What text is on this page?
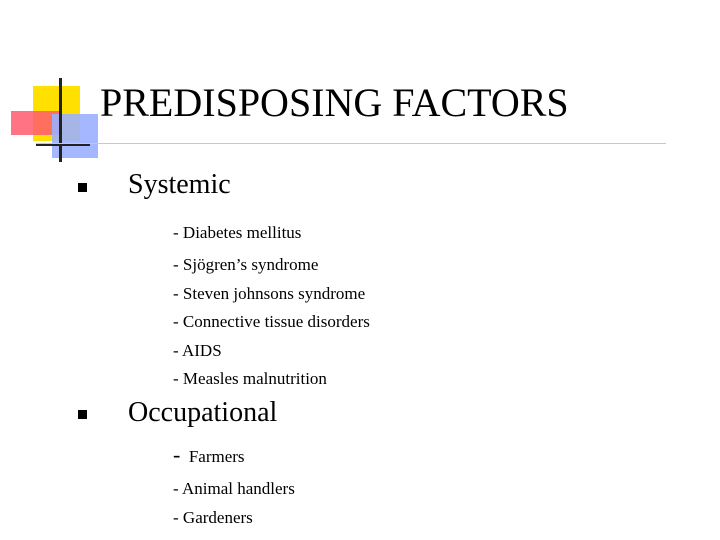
PREDISPOSING FACTORS
Systemic
- Diabetes mellitus
- Sjögren’s syndrome
- Steven johnsons syndrome
- Connective tissue disorders
- AIDS
- Measles malnutrition
Occupational
- Farmers
- Animal handlers
- Gardeners
